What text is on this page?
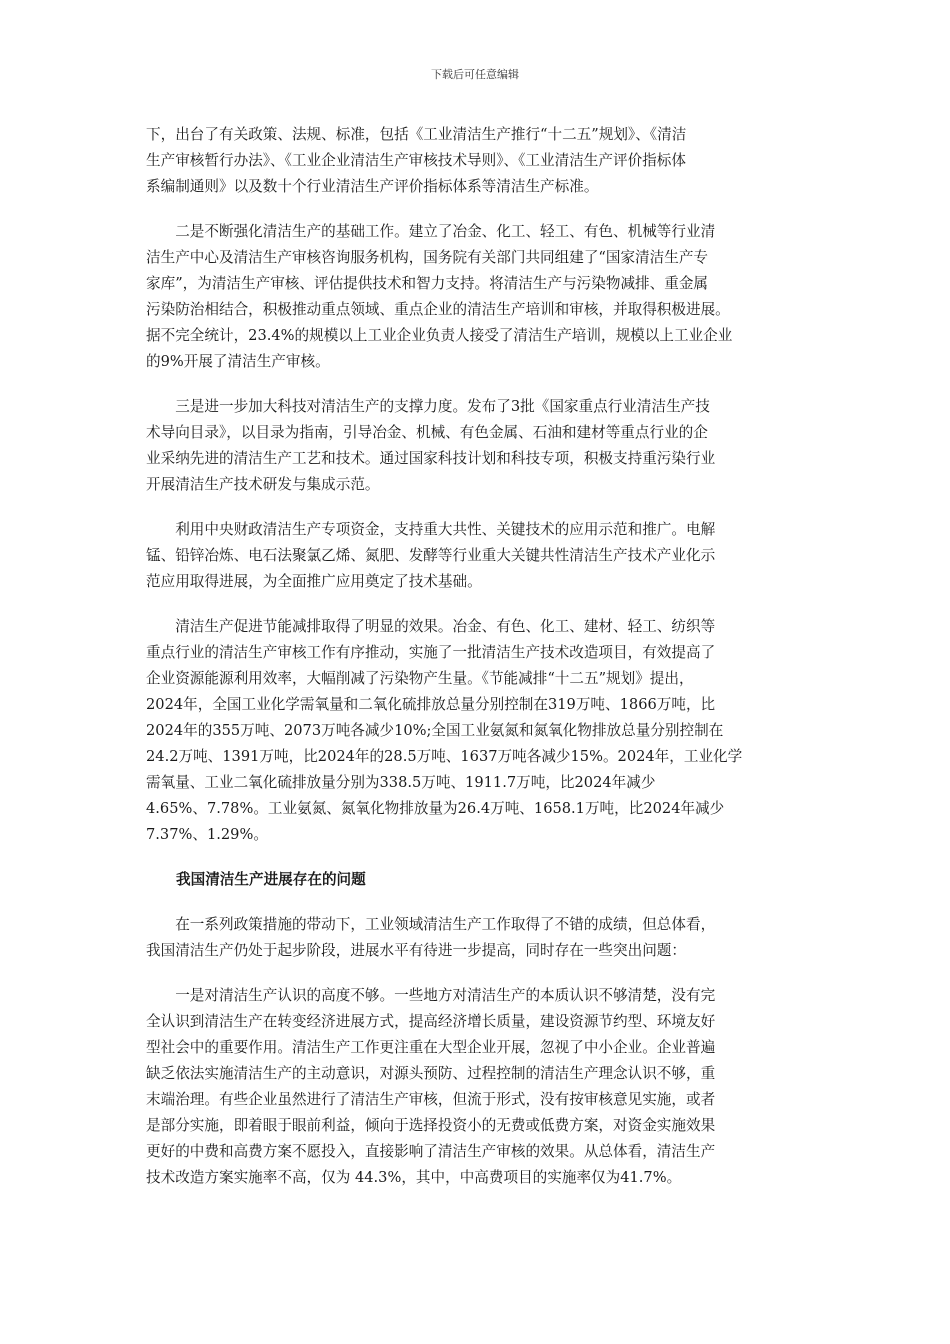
下载后可任意编辑
下，出台了有关政策、法规、标准，包括《工业清洁生产推行“十二五”规划》、《清洁
生产审核暂行办法》、《工业企业清洁生产审核技术导则》、《工业清洁生产评价指标体
系编制通则》以及数十个行业清洁生产评价指标体系等清洁生产标准。
　　二是不断强化清洁生产的基础工作。建立了冶金、化工、轻工、有色、机械等行业清
洁生产中心及清洁生产审核咨询服务机构，国务院有关部门共同组建了“国家清洁生产专
家库”，为清洁生产审核、评估提供技术和智力支持。将清洁生产与污染物减排、重金属
污染防治相结合，积极推动重点领域、重点企业的清洁生产培训和审核，并取得积极进展。
据不完全统计，23.4%的规模以上工业企业负责人接受了清洁生产培训，规模以上工业企业
的9%开展了清洁生产审核。
　　三是进一步加大科技对清洁生产的支撑力度。发布了3批《国家重点行业清洁生产技
术导向目录》，以目录为指南，引导冶金、机械、有色金属、石油和建材等重点行业的企
业采纳先进的清洁生产工艺和技术。通过国家科技计划和科技专项，积极支持重污染行业
开展清洁生产技术研发与集成示范。
　　利用中央财政清洁生产专项资金，支持重大共性、关键技术的应用示范和推广。电解
锰、铅锌冶炼、电石法聚氯乙烯、氮肥、发酵等行业重大关键共性清洁生产技术产业化示
范应用取得进展，为全面推广应用奠定了技术基础。
　　清洁生产促进节能减排取得了明显的效果。冶金、有色、化工、建材、轻工、纺织等
重点行业的清洁生产审核工作有序推动，实施了一批清洁生产技术改造项目，有效提高了
企业资源能源利用效率，大幅削减了污染物产生量。《节能减排“十二五”规划》提出，
2024年，全国工业化学需氧量和二氧化硫排放总量分别控制在319万吨、1866万吨，比
2024年的355万吨、2073万吨各减少10%;全国工业氨氮和氮氧化物排放总量分别控制在
24.2万吨、1391万吨，比2024年的28.5万吨、1637万吨各减少15%。2024年，工业化学
需氧量、工业二氧化硫排放量分别为338.5万吨、1911.7万吨，比2024年减少
4.65%、7.78%。工业氨氮、氮氧化物排放量为26.4万吨、1658.1万吨，比2024年减少
7.37%、1.29%。
我国清洁生产进展存在的问题
　　在一系列政策措施的带动下，工业领域清洁生产工作取得了不错的成绩，但总体看，
我国清洁生产仍处于起步阶段，进展水平有待进一步提高，同时存在一些突出问题：
　　一是对清洁生产认识的高度不够。一些地方对清洁生产的本质认识不够清楚，没有完
全认识到清洁生产在转变经济进展方式，提高经济增长质量，建设资源节约型、环境友好
型社会中的重要作用。清洁生产工作更注重在大型企业开展，忽视了中小企业。企业普遍
缺乏依法实施清洁生产的主动意识，对源头预防、过程控制的清洁生产理念认识不够，重
末端治理。有些企业虽然进行了清洁生产审核，但流于形式，没有按审核意见实施，或者
是部分实施，即着眼于眼前利益，倾向于选择投资小的无费或低费方案，对资金实施效果
更好的中费和高费方案不愿投入，直接影响了清洁生产审核的效果。从总体看，清洁生产
技术改造方案实施率不高，仅为 44.3%，其中，中高费项目的实施率仅为41.7%。
